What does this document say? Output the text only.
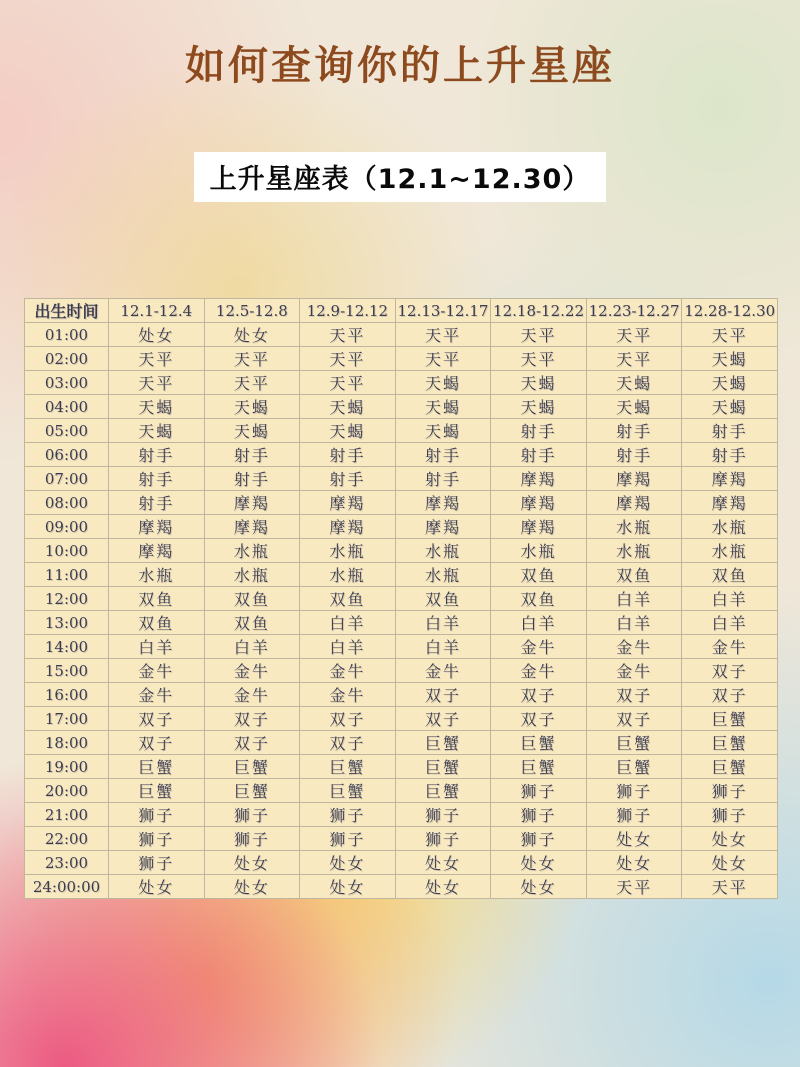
如何查询你的上升星座
上升星座表（12.1~12.30）
出生时间	12.1-12.4	12.5-12.8	12.9-12.12	12.13-12.17	12.18-12.22	12.23-12.27	12.28-12.30
01:00	处女	处女	天平	天平	天平	天平	天平
02:00	天平	天平	天平	天平	天平	天平	天蝎
03:00	天平	天平	天平	天蝎	天蝎	天蝎	天蝎
04:00	天蝎	天蝎	天蝎	天蝎	天蝎	天蝎	天蝎
05:00	天蝎	天蝎	天蝎	天蝎	射手	射手	射手
06:00	射手	射手	射手	射手	射手	射手	射手
07:00	射手	射手	射手	射手	摩羯	摩羯	摩羯
08:00	射手	摩羯	摩羯	摩羯	摩羯	摩羯	摩羯
09:00	摩羯	摩羯	摩羯	摩羯	摩羯	水瓶	水瓶
10:00	摩羯	水瓶	水瓶	水瓶	水瓶	水瓶	水瓶
11:00	水瓶	水瓶	水瓶	水瓶	双鱼	双鱼	双鱼
12:00	双鱼	双鱼	双鱼	双鱼	双鱼	白羊	白羊
13:00	双鱼	双鱼	白羊	白羊	白羊	白羊	白羊
14:00	白羊	白羊	白羊	白羊	金牛	金牛	金牛
15:00	金牛	金牛	金牛	金牛	金牛	金牛	双子
16:00	金牛	金牛	金牛	双子	双子	双子	双子
17:00	双子	双子	双子	双子	双子	双子	巨蟹
18:00	双子	双子	双子	巨蟹	巨蟹	巨蟹	巨蟹
19:00	巨蟹	巨蟹	巨蟹	巨蟹	巨蟹	巨蟹	巨蟹
20:00	巨蟹	巨蟹	巨蟹	巨蟹	狮子	狮子	狮子
21:00	狮子	狮子	狮子	狮子	狮子	狮子	狮子
22:00	狮子	狮子	狮子	狮子	狮子	处女	处女
23:00	狮子	处女	处女	处女	处女	处女	处女
24:00:00	处女	处女	处女	处女	处女	天平	天平
